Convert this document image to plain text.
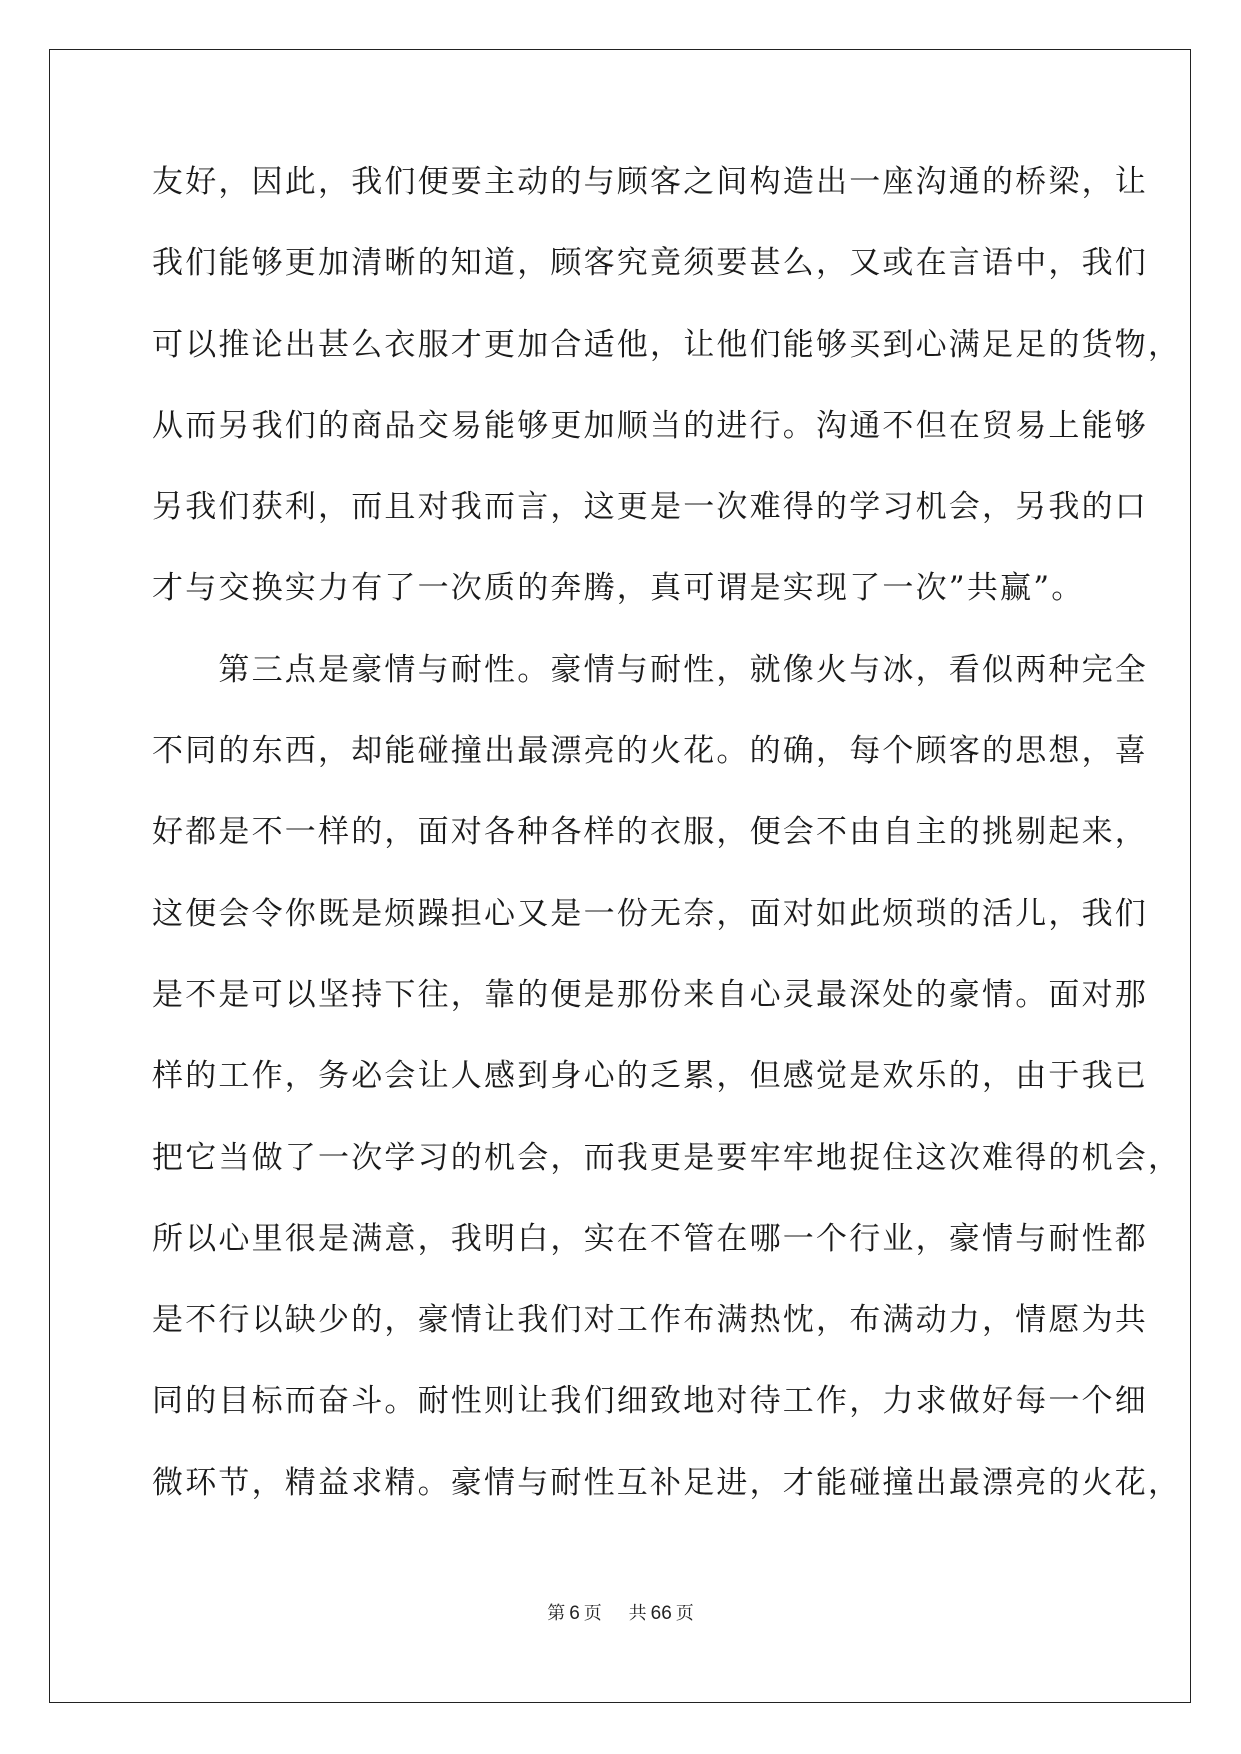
友好，因此，我们便要主动的与顾客之间构造出一座沟通的桥梁，让
我们能够更加清晰的知道，顾客究竟须要甚么，又或在言语中，我们
可以推论出甚么衣服才更加合适他，让他们能够买到心满足足的货物，
从而另我们的商品交易能够更加顺当的进行。沟通不但在贸易上能够
另我们获利，而且对我而言，这更是一次难得的学习机会，另我的口
才与交换实力有了一次质的奔腾，真可谓是实现了一次”共赢”。
　　第三点是豪情与耐性。豪情与耐性，就像火与冰，看似两种完全
不同的东西，却能碰撞出最漂亮的火花。的确，每个顾客的思想，喜
好都是不一样的，面对各种各样的衣服，便会不由自主的挑剔起来，
这便会令你既是烦躁担心又是一份无奈，面对如此烦琐的活儿，我们
是不是可以坚持下往，靠的便是那份来自心灵最深处的豪情。面对那
样的工作，务必会让人感到身心的乏累，但感觉是欢乐的，由于我已
把它当做了一次学习的机会，而我更是要牢牢地捉住这次难得的机会，
所以心里很是满意，我明白，实在不管在哪一个行业，豪情与耐性都
是不行以缺少的，豪情让我们对工作布满热忱，布满动力，情愿为共
同的目标而奋斗。耐性则让我们细致地对待工作，力求做好每一个细
微环节，精益求精。豪情与耐性互补足进，才能碰撞出最漂亮的火花，
第 6 页 共 66 页
